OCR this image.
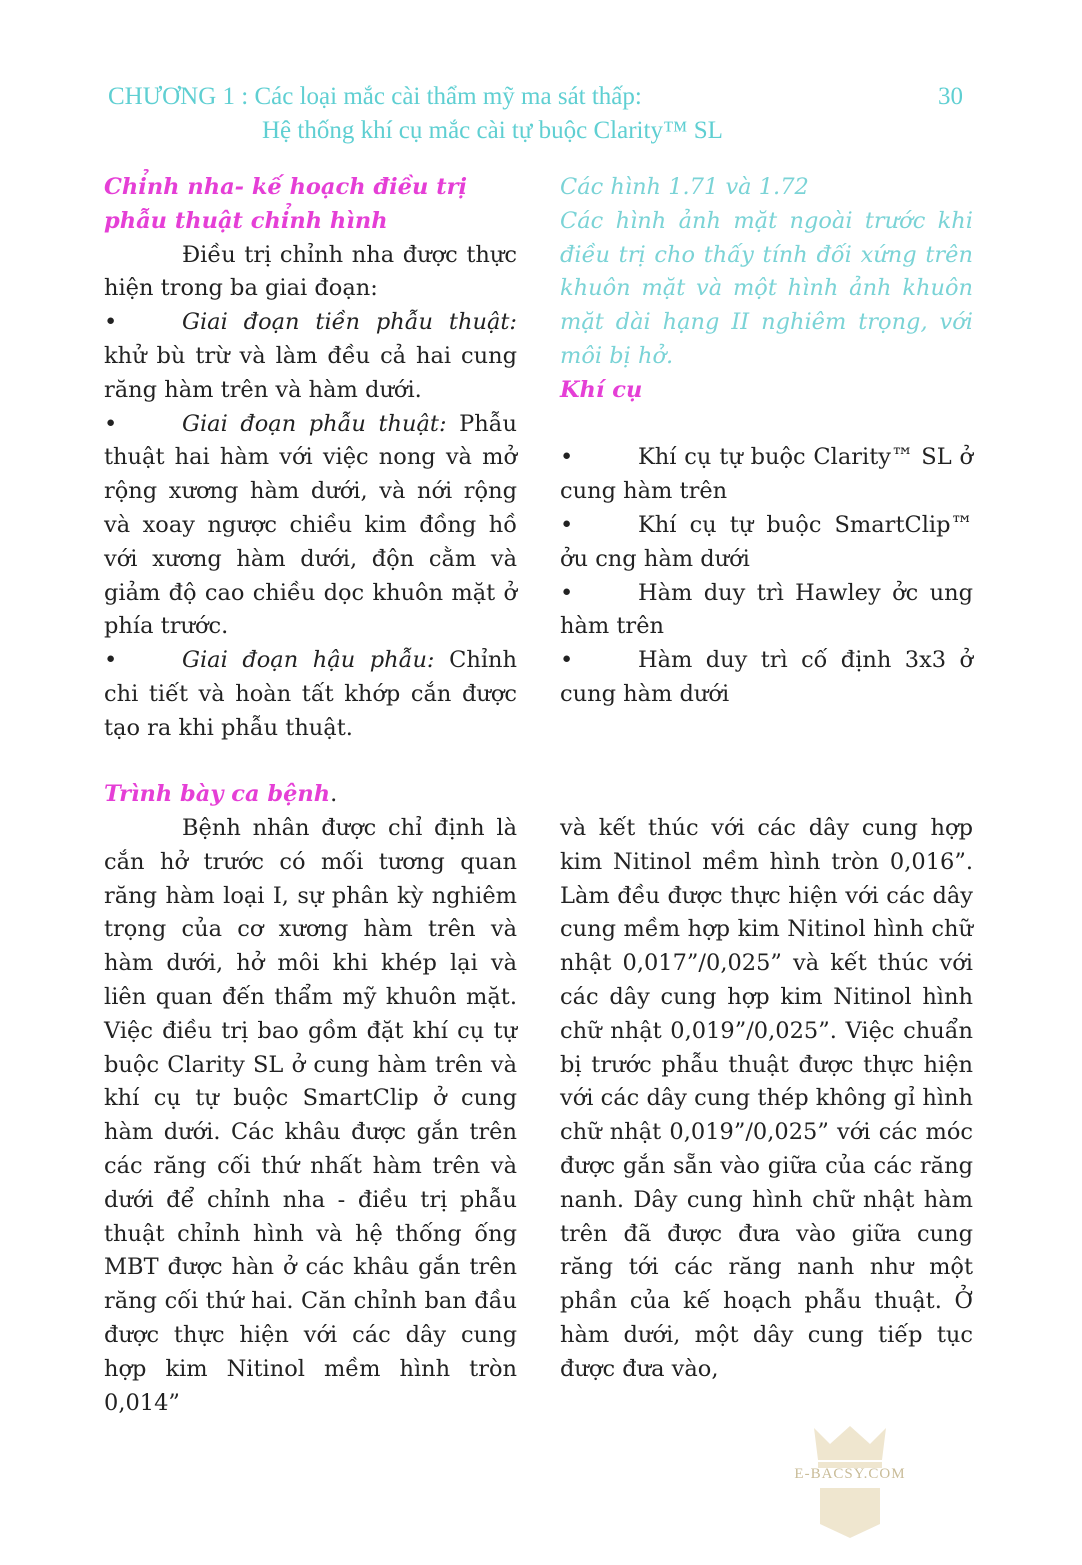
CHƯƠNG 1 : Các loại mắc cài thẩm mỹ ma sát thấp:
Hệ thống khí cụ mắc cài tự buộc Clarity™ SL
30

Chỉnh nha- kế hoạch điều trị phẫu thuật chỉnh hình

Điều trị chỉnh nha được thực hiện trong ba giai đoạn:

•	Giai đoạn tiền phẫu thuật: khử bù trừ và làm đều cả hai cung răng hàm trên và hàm dưới.

•	Giai đoạn phẫu thuật: Phẫu thuật hai hàm với việc nong và mở rộng xương hàm dưới, và nới rộng và xoay ngược chiều kim đồng hồ với xương hàm dưới, độn cằm và giảm độ cao chiều dọc khuôn mặt ở phía trước.

•	Giai đoạn hậu phẫu: Chỉnh chi tiết và hoàn tất khớp cắn được tạo ra khi phẫu thuật.

Các hình 1.71 và 1.72

Các hình ảnh mặt ngoài trước khi điều trị cho thấy tính đối xứng trên khuôn mặt và một hình ảnh khuôn mặt dài hạng II nghiêm trọng, với môi bị hở.

Khí cụ

•	Khí cụ tự buộc Clarity™ SL ở cung hàm trên

•	Khí cụ tự buộc SmartClip™ ởu cng hàm dưới

•	Hàm duy trì Hawley ởc ung hàm trên

•	Hàm duy trì cố định 3x3 ở cung hàm dưới

Trình bày ca bệnh.

Bệnh nhân được chỉ định là cắn hở trước có mối tương quan răng hàm loại I, sự phân kỳ nghiêm trọng của cơ xương hàm trên và hàm dưới, hở môi khi khép lại và liên quan đến thẩm mỹ khuôn mặt. Việc điều trị bao gồm đặt khí cụ tự buộc Clarity SL ở cung hàm trên và khí cụ tự buộc SmartClip ở cung hàm dưới. Các khâu được gắn trên các răng cối thứ nhất hàm trên và dưới để chỉnh nha - điều trị phẫu thuật chỉnh hình và hệ thống ống MBT được hàn ở các khâu gắn trên răng cối thứ hai. Căn chỉnh ban đầu được thực hiện với các dây cung hợp kim Nitinol mềm hình tròn 0,014”

và kết thúc với các dây cung hợp kim Nitinol mềm hình tròn 0,016”. Làm đều được thực hiện với các dây cung mềm hợp kim Nitinol hình chữ nhật 0,017”/0,025” và kết thúc với các dây cung hợp kim Nitinol hình chữ nhật 0,019”/0,025”. Việc chuẩn bị trước phẫu thuật được thực hiện với các dây cung thép không gỉ hình chữ nhật 0,019”/0,025” với các móc được gắn sẵn vào giữa của các răng nanh. Dây cung hình chữ nhật hàm trên đã được đưa vào giữa cung răng tới các răng nanh như một phần của kế hoạch phẫu thuật. Ở hàm dưới, một dây cung tiếp tục được đưa vào,

E-BACSY.COM
